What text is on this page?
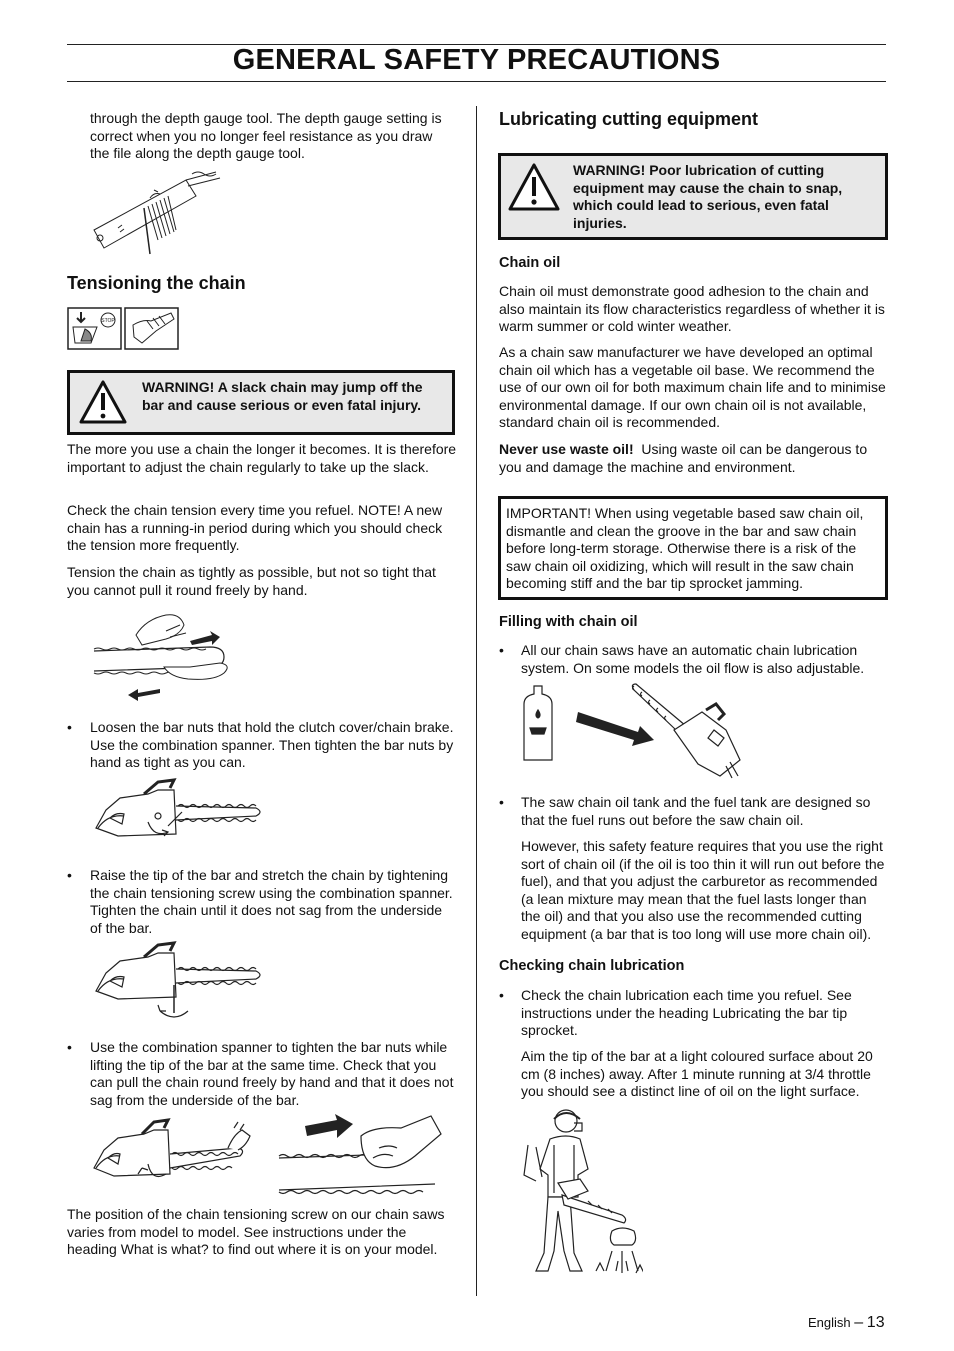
GENERAL SAFETY PRECAUTIONS
through the depth gauge tool. The depth gauge setting is correct when you no longer feel resistance as you draw the file along the depth gauge tool.
Tensioning the chain
STOP
WARNING! A slack chain may jump off the bar and cause serious or even fatal injury.
The more you use a chain the longer it becomes. It is therefore important to adjust the chain regularly to take up the slack.
Check the chain tension every time you refuel. NOTE! A new chain has a running-in period during which you should check the tension more frequently.
Tension the chain as tightly as possible, but not so tight that you cannot pull it round freely by hand.
• Loosen the bar nuts that hold the clutch cover/chain brake. Use the combination spanner. Then tighten the bar nuts by hand as tight as you can.
• Raise the tip of the bar and stretch the chain by tightening the chain tensioning screw using the combination spanner. Tighten the chain until it does not sag from the underside of the bar.
• Use the combination spanner to tighten the bar nuts while lifting the tip of the bar at the same time. Check that you can pull the chain round freely by hand and that it does not sag from the underside of the bar.
The position of the chain tensioning screw on our chain saws varies from model to model. See instructions under the heading What is what? to find out where it is on your model.
Lubricating cutting equipment
WARNING! Poor lubrication of cutting equipment may cause the chain to snap, which could lead to serious, even fatal injuries.
Chain oil
Chain oil must demonstrate good adhesion to the chain and also maintain its flow characteristics regardless of whether it is warm summer or cold winter weather.
As a chain saw manufacturer we have developed an optimal chain oil which has a vegetable oil base. We recommend the use of our own oil for both maximum chain life and to minimise environmental damage. If our own chain oil is not available, standard chain oil is recommended.
Never use waste oil! Using waste oil can be dangerous to you and damage the machine and environment.
IMPORTANT! When using vegetable based saw chain oil, dismantle and clean the groove in the bar and saw chain before long-term storage. Otherwise there is a risk of the saw chain oil oxidizing, which will result in the saw chain becoming stiff and the bar tip sprocket jamming.
Filling with chain oil
• All our chain saws have an automatic chain lubrication system. On some models the oil flow is also adjustable.
• The saw chain oil tank and the fuel tank are designed so that the fuel runs out before the saw chain oil.
However, this safety feature requires that you use the right sort of chain oil (if the oil is too thin it will run out before the fuel), and that you adjust the carburetor as recommended (a lean mixture may mean that the fuel lasts longer than the oil) and that you also use the recommended cutting equipment (a bar that is too long will use more chain oil).
Checking chain lubrication
• Check the chain lubrication each time you refuel. See instructions under the heading Lubricating the bar tip sprocket.
Aim the tip of the bar at a light coloured surface about 20 cm (8 inches) away. After 1 minute running at 3/4 throttle you should see a distinct line of oil on the light surface.
English – 13
